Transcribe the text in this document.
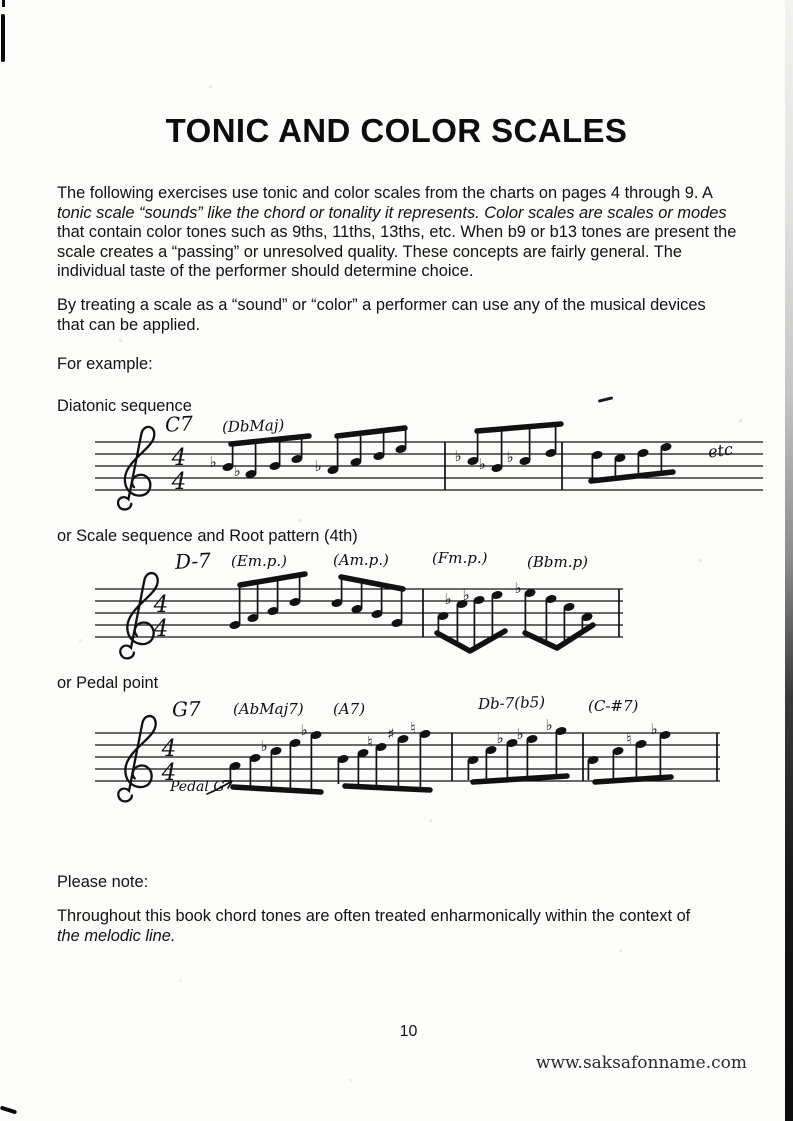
TONIC AND COLOR SCALES
The following exercises use tonic and color scales from the charts on pages 4 through 9. A
tonic scale “sounds” like the chord or tonality it represents. Color scales are scales or modes
that contain color tones such as 9ths, 11ths, 13ths, etc. When b9 or b13 tones are present the
scale creates a “passing” or unresolved quality. These concepts are fairly general. The
individual taste of the performer should determine choice.
By treating a scale as a “sound” or “color” a performer can use any of the musical devices
that can be applied.
For example:
Diatonic sequence
4
4
♭ ♭	♭
♭ ♭ ♭
C7 (DbMaj)
etc
or Scale sequence and Root pattern (4th)
4
4
♭ ♭	♭
D-7 (Em.p.)	(Am.p.)	(Fm.p.)	(Bbm.p)
or Pedal point
4
4
♭
♭
♮ ♯ ♮
♭ ♭ ♭
♮
♭
G7 (AbMaj7) (A7)	Db-7(b5)	(C-#7)
Pedal G
Please note:
Throughout this book chord tones are often treated enharmonically within the context of
the melodic line.
10
www.saksafonname.com
